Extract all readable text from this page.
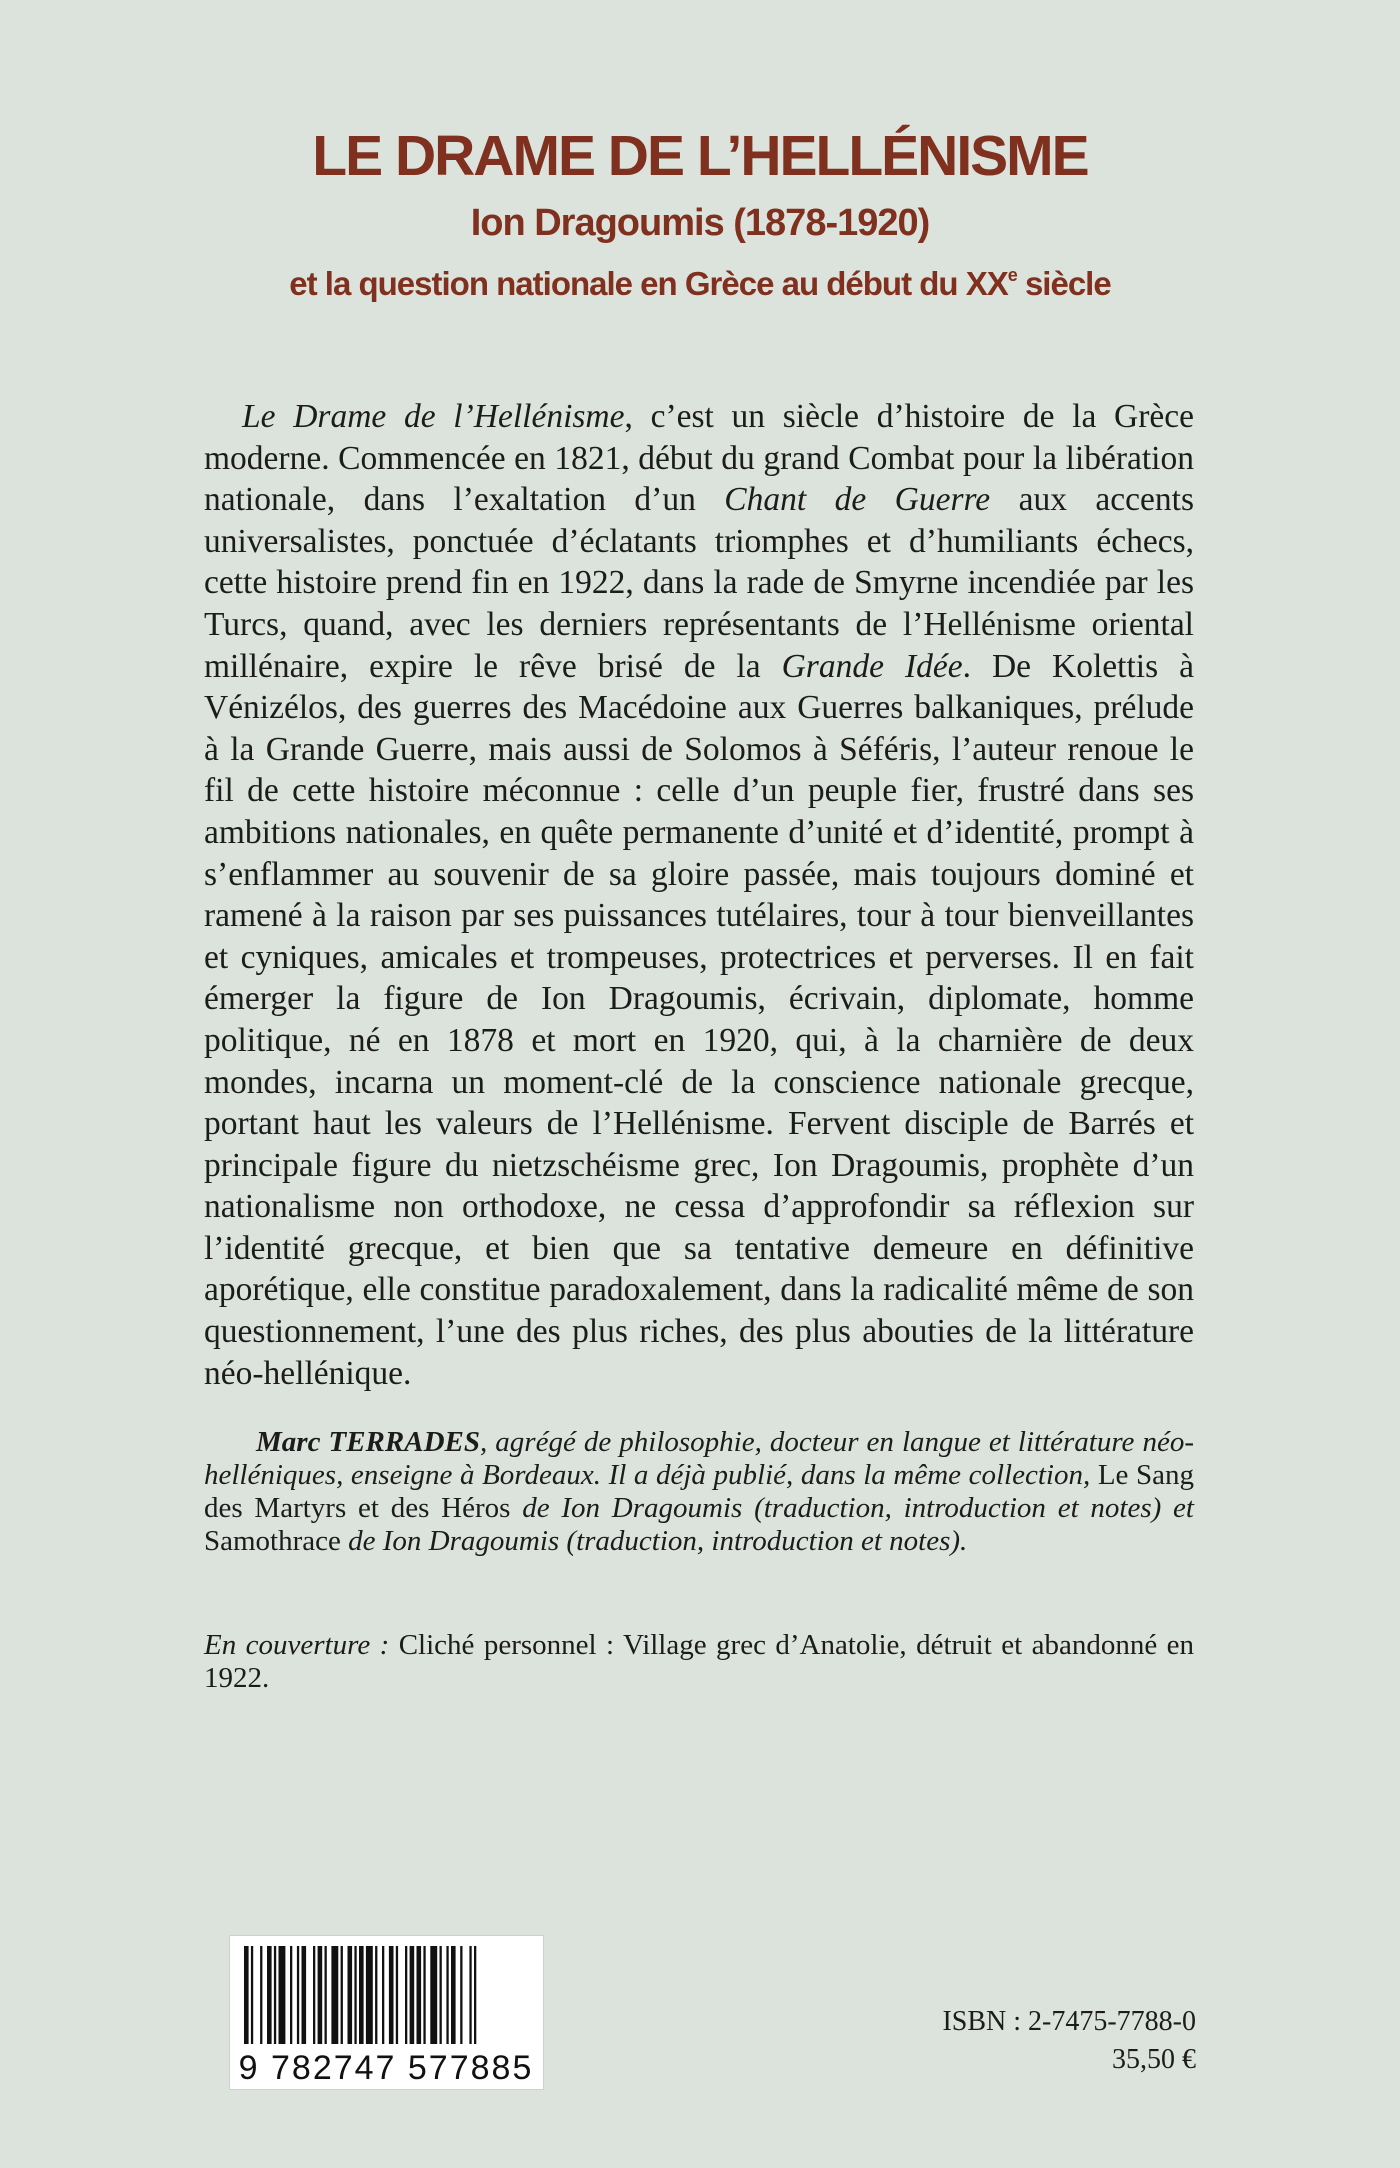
LE DRAME DE L’HELLÉNISME
Ion Dragoumis (1878-1920)
et la question nationale en Grèce au début du XXe siècle

Le Drame de l’Hellénisme, c’est un siècle d’histoire de la Grèce moderne. Commencée en 1821, début du grand Combat pour la libération nationale, dans l’exaltation d’un Chant de Guerre aux accents universalistes, ponctuée d’éclatants triomphes et d’humiliants échecs, cette histoire prend fin en 1922, dans la rade de Smyrne incendiée par les Turcs, quand, avec les derniers représentants de l’Hellénisme oriental millénaire, expire le rêve brisé de la Grande Idée. De Kolettis à Vénizélos, des guerres des Macédoine aux Guerres balkaniques, prélude à la Grande Guerre, mais aussi de Solomos à Séféris, l’auteur renoue le fil de cette histoire méconnue : celle d’un peuple fier, frustré dans ses ambitions nationales, en quête permanente d’unité et d’identité, prompt à s’enflammer au souvenir de sa gloire passée, mais toujours dominé et ramené à la raison par ses puissances tutélaires, tour à tour bienveillantes et cyniques, amicales et trompeuses, protectrices et perverses. Il en fait émerger la figure de Ion Dragoumis, écrivain, diplomate, homme politique, né en 1878 et mort en 1920, qui, à la charnière de deux mondes, incarna un moment-clé de la conscience nationale grecque, portant haut les valeurs de l’Hellénisme. Fervent disciple de Barrés et principale figure du nietzschéisme grec, Ion Dragoumis, prophète d’un nationalisme non orthodoxe, ne cessa d’approfondir sa réflexion sur l’identité grecque, et bien que sa tentative demeure en définitive aporétique, elle constitue paradoxalement, dans la radicalité même de son questionnement, l’une des plus riches, des plus abouties de la littérature néo-hellénique.

Marc TERRADES, agrégé de philosophie, docteur en langue et littérature néo-helléniques, enseigne à Bordeaux. Il a déjà publié, dans la même collection, Le Sang des Martyrs et des Héros de Ion Dragoumis (traduction, introduction et notes) et Samothrace de Ion Dragoumis (traduction, introduction et notes).

En couverture : Cliché personnel : Village grec d’Anatolie, détruit et abandonné en 1922.

9 782747 577885
ISBN : 2-7475-7788-0
35,50 €
